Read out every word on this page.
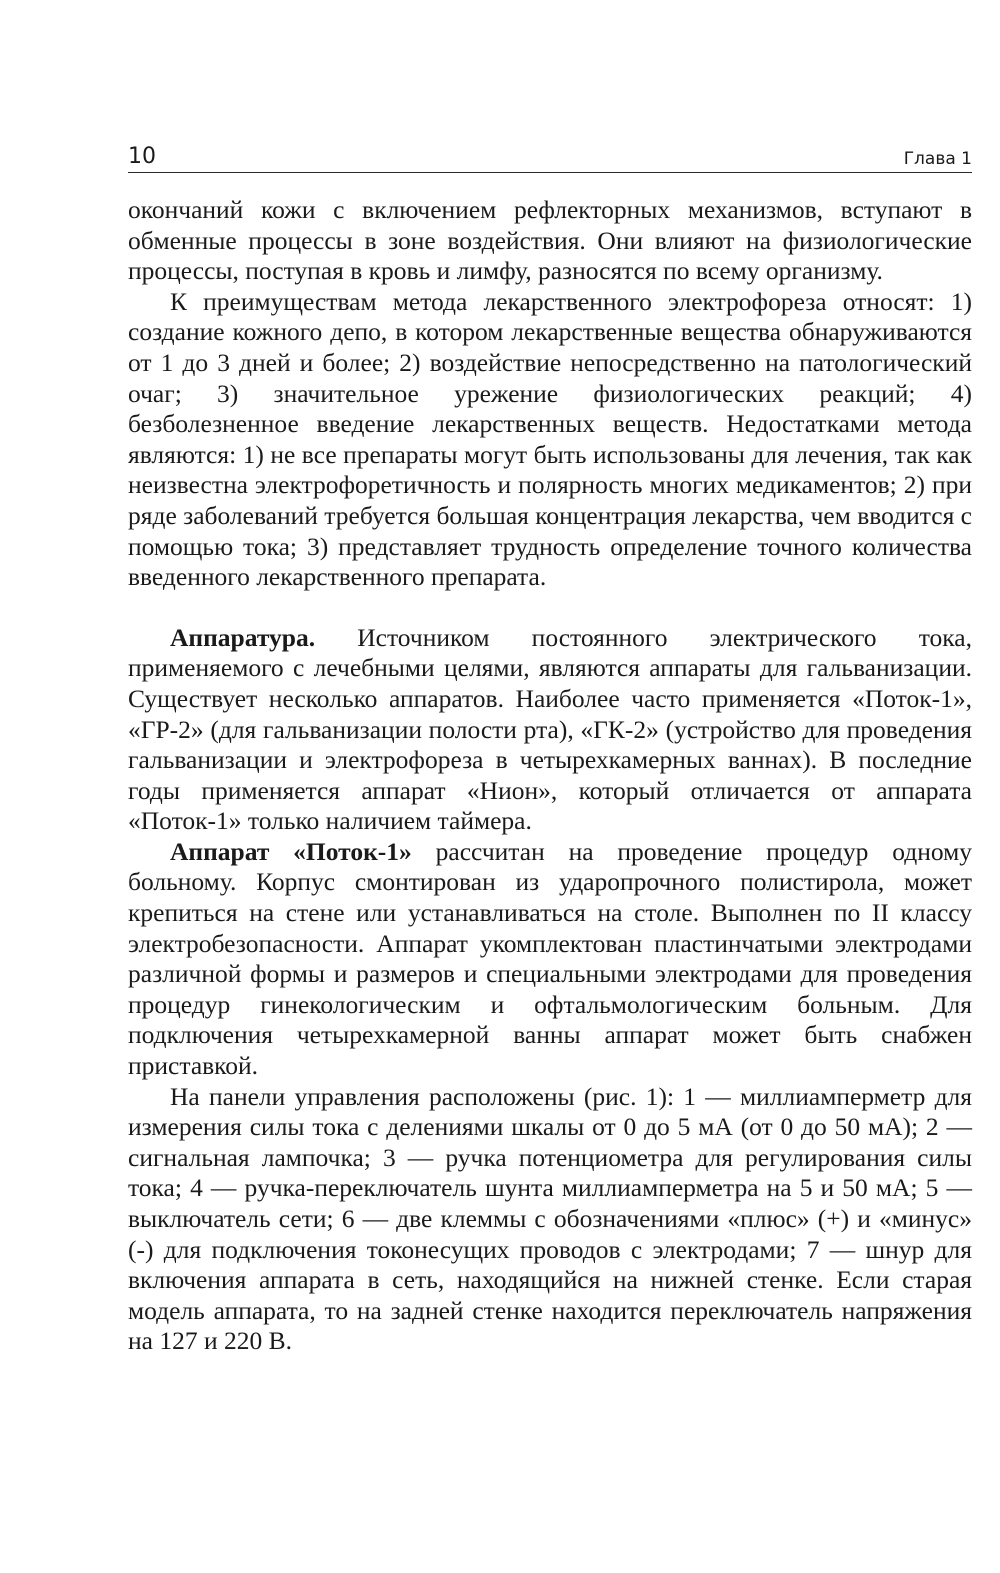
10	Глава 1

окончаний кожи с включением рефлекторных механизмов, вступают в обменные процессы в зоне воздействия. Они влияют на физиологические процессы, поступая в кровь и лимфу, разносятся по всему организму.

К преимуществам метода лекарственного электрофореза относят: 1) создание кожного депо, в котором лекарственные вещества обнаруживаются от 1 до 3 дней и более; 2) воздействие непосредственно на патологический очаг; 3) значительное урежение физиологических реакций; 4) безболезненное введение лекарственных веществ. Недостатками метода являются: 1) не все препараты могут быть использованы для лечения, так как неизвестна электрофоретичность и полярность многих медикаментов; 2) при ряде заболеваний требуется большая концентрация лекарства, чем вводится с помощью тока; 3) представляет трудность определение точного количества введенного лекарственного препарата.

Аппаратура. Источником постоянного электрического тока, применяемого с лечебными целями, являются аппараты для гальванизации. Существует несколько аппаратов. Наиболее часто применяется «Поток-1», «ГР-2» (для гальванизации полости рта), «ГК-2» (устройство для проведения гальванизации и электрофореза в четырехкамерных ваннах). В последние годы применяется аппарат «Нион», который отличается от аппарата «Поток-1» только наличием таймера.

Аппарат «Поток-1» рассчитан на проведение процедур одному больному. Корпус смонтирован из ударопрочного полистирола, может крепиться на стене или устанавливаться на столе. Выполнен по II классу электробезопасности. Аппарат укомплектован пластинчатыми электродами различной формы и размеров и специальными электродами для проведения процедур гинекологическим и офтальмологическим больным. Для подключения четырехкамерной ванны аппарат может быть снабжен приставкой.

На панели управления расположены (рис. 1): 1 — миллиамперметр для измерения силы тока с делениями шкалы от 0 до 5 мА (от 0 до 50 мА); 2 — сигнальная лампочка; 3 — ручка потенциометра для регулирования силы тока; 4 — ручка-переключатель шунта миллиамперметра на 5 и 50 мА; 5 — выключатель сети; 6 — две клеммы с обозначениями «плюс» (+) и «минус» (-) для подключения токонесущих проводов с электродами; 7 — шнур для включения аппарата в сеть, находящийся на нижней стенке. Если старая модель аппарата, то на задней стенке находится переключатель напряжения на 127 и 220 В.
